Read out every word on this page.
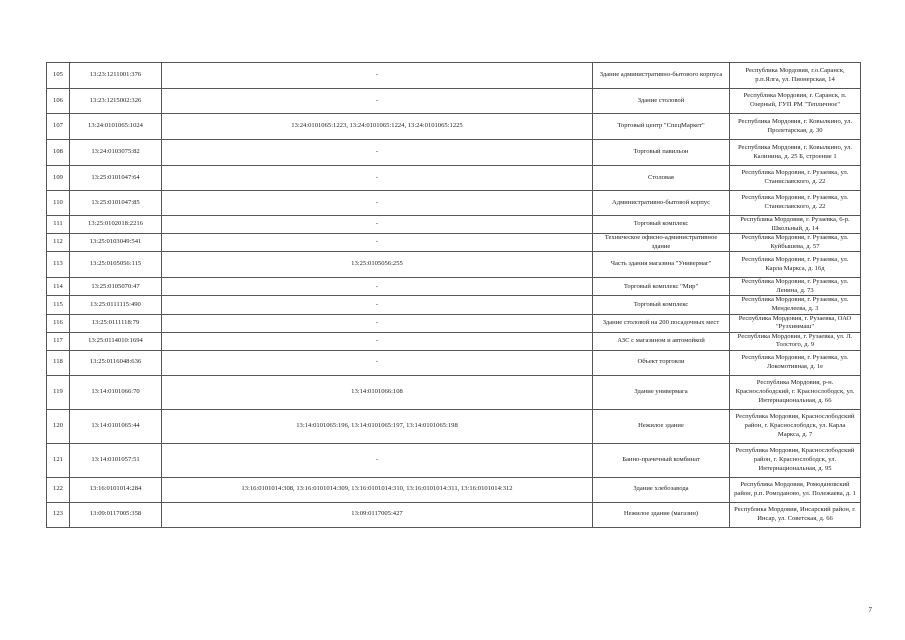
105	13:23:1211001:376	-	Здание административно-бытового корпуса	Республика Мордовия, г.о.Саранск, р.п.Ялга, ул. Пионерская, 14
106	13:23:1215002:326	-	Здание столовой	Республика Мордовия, г. Саранск, п. Озерный, ГУП РМ "Тепличное"
107	13:24:0101065:1024	13:24:0101065:1223, 13:24:0101065:1224, 13:24:0101065:1225	Торговый центр "СпецМаркет"	Республика Мордовия, г. Ковылкино, ул. Пролетарская, д. 30
108	13:24:0103075:82	-	Торговый павильон	Республика Мордовия, г. Ковылкино, ул. Калинина, д. 25 Б, строение 1
109	13:25:0101047:64	-	Столовая	Республика Мордовия, г. Рузаевка, ул. Станиславского, д. 22
110	13:25:0101047:85	-	Административно-бытовой корпус	Республика Мордовия, г. Рузаевка, ул. Станиславского, д. 22
111	13:25:0102018:2216	-	Торговый комплекс	Республика Мордовия, г. Рузаевка, 6-р. Школьный, д. 14
112	13:25:0103049:541	-	Техническое офисно-административное здание	Республика Мордовия, г. Рузаевка, ул. Куйбышева, д. 57
113	13:25:0105056:115	13:25:0105056:255	Часть здания магазина "Универмаг"	Республика Мордовия, г. Рузаевка, ул. Карла Маркса, д. 16д
114	13:25:0105070:47	-	Торговый комплекс "Мир"	Республика Мордовия, г. Рузаевка, ул. Ленина, д. 73
115	13:25:0111115:490	-	Торговый комплекс	Республика Мордовия, г. Рузаевка, ул. Менделеева, д. 3
116	13:25:0111118:79	-	Здание столовой на 200 посадочных мест	Республика Мордовия, г. Рузаевка, ОАО "Рузхиммаш"
117	13:25:0114010:1694	-	АЗС с магазином и автомойкой	Республика Мордовия, г. Рузаевка, ул. Л. Толстого, д. 9
118	13:25:0116048:636	-	Объект торговли	Республика Мордовия, г. Рузаевка, ул. Локомотивная, д. 1е
119	13:14:0101066:70	13:14:0101066:108	Здание универмага	Республика Мордовия, р-н. Краснослободский, г. Краснослободск, ул. Интернациональная, д. 66
120	13:14:0101065:44	13:14:0101065:196, 13:14:0101065:197, 13:14:0101065:198	Нежилое здание	Республика Мордовия, Краснослободский район, г. Краснослободск, ул. Карла Маркса, д. 7
121	13:14:0101057:51	-	Банно-прачечный комбинат	Республика Мордовия, Краснослободский район, г. Краснослободск, ул. Интернациональная, д. 95
122	13:16:0101014:284	13:16:0101014:308, 13:16:0101014:309, 13:16:0101014:310, 13:16:0101014:311, 13:16:0101014:312	Здание хлебозавода	Республика Мордовия, Ромодановский район, р.п. Ромоданово, ул. Полежаева, д. 1
123	13:09:0117005:358	13:09:0117005:427	Нежилое здание (магазин)	Республика Мордовия, Инсарский район, г. Инсар, ул. Советская, д. 66
7
